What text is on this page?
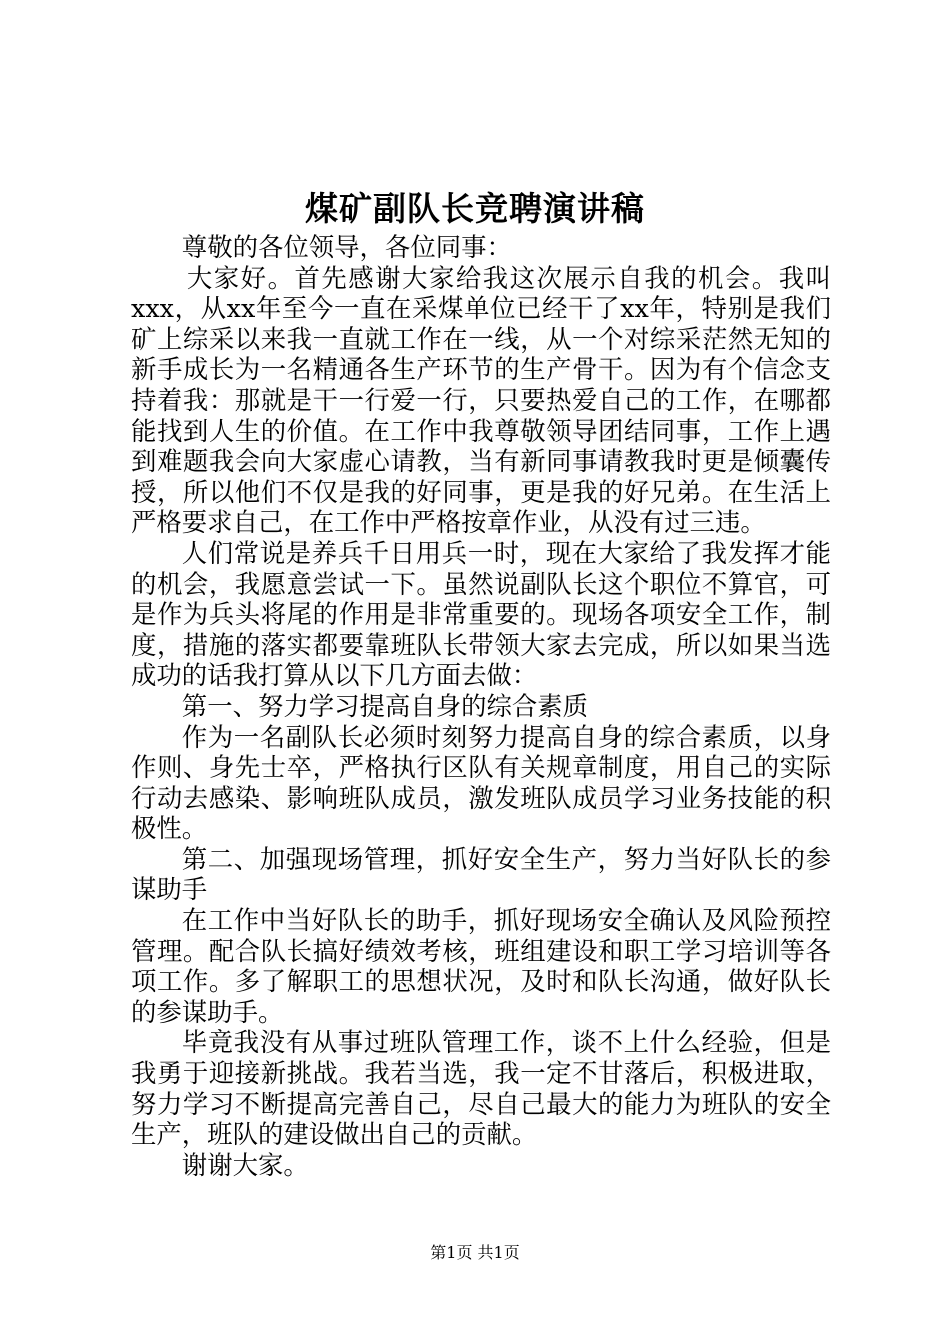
煤矿副队长竞聘演讲稿

尊敬的各位领导，各位同事：

大家好。首先感谢大家给我这次展示自我的机会。我叫xxx，从xx年至今一直在采煤单位已经干了xx年，特别是我们矿上综采以来我一直就工作在一线，从一个对综采茫然无知的新手成长为一名精通各生产环节的生产骨干。因为有个信念支持着我：那就是干一行爱一行，只要热爱自己的工作，在哪都能找到人生的价值。在工作中我尊敬领导团结同事，工作上遇到难题我会向大家虚心请教，当有新同事请教我时更是倾囊传授，所以他们不仅是我的好同事，更是我的好兄弟。在生活上严格要求自己，在工作中严格按章作业，从没有过三违。

人们常说是养兵千日用兵一时，现在大家给了我发挥才能的机会，我愿意尝试一下。虽然说副队长这个职位不算官，可是作为兵头将尾的作用是非常重要的。现场各项安全工作，制度，措施的落实都要靠班队长带领大家去完成，所以如果当选成功的话我打算从以下几方面去做：

第一、努力学习提高自身的综合素质

作为一名副队长必须时刻努力提高自身的综合素质，以身作则、身先士卒，严格执行区队有关规章制度，用自己的实际行动去感染、影响班队成员，激发班队成员学习业务技能的积极性。

第二、加强现场管理，抓好安全生产，努力当好队长的参谋助手

在工作中当好队长的助手，抓好现场安全确认及风险预控管理。配合队长搞好绩效考核，班组建设和职工学习培训等各项工作。多了解职工的思想状况，及时和队长沟通，做好队长的参谋助手。

毕竟我没有从事过班队管理工作，谈不上什么经验，但是我勇于迎接新挑战。我若当选，我一定不甘落后，积极进取，努力学习不断提高完善自己，尽自己最大的能力为班队的安全生产，班队的建设做出自己的贡献。

谢谢大家。

第1页 共1页
